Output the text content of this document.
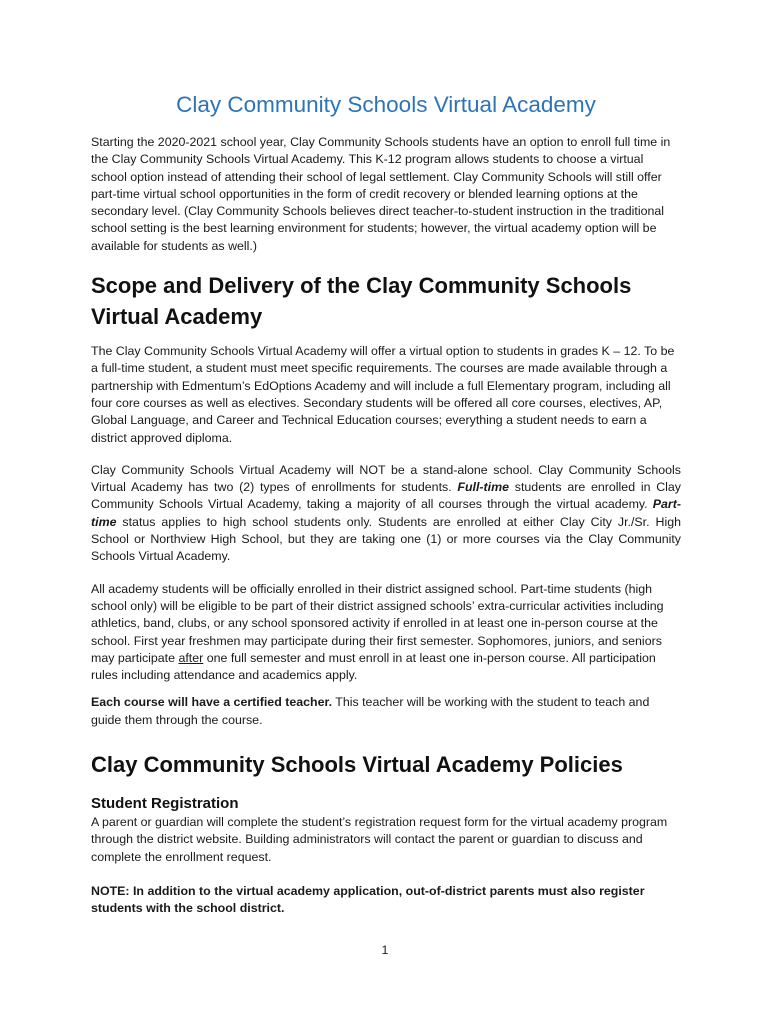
Clay Community Schools Virtual Academy

Starting the 2020-2021 school year, Clay Community Schools students have an option to enroll full time in the Clay Community Schools Virtual Academy. This K-12 program allows students to choose a virtual school option instead of attending their school of legal settlement. Clay Community Schools will still offer part-time virtual school opportunities in the form of credit recovery or blended learning options at the secondary level. (Clay Community Schools believes direct teacher-to-student instruction in the traditional school setting is the best learning environment for students; however, the virtual academy option will be available for students as well.)

Scope and Delivery of the Clay Community Schools Virtual Academy

The Clay Community Schools Virtual Academy will offer a virtual option to students in grades K – 12. To be a full-time student, a student must meet specific requirements. The courses are made available through a partnership with Edmentum’s EdOptions Academy and will include a full Elementary program, including all four core courses as well as electives. Secondary students will be offered all core courses, electives, AP, Global Language, and Career and Technical Education courses; everything a student needs to earn a district approved diploma.

Clay Community Schools Virtual Academy will NOT be a stand-alone school. Clay Community Schools Virtual Academy has two (2) types of enrollments for students. Full-time students are enrolled in Clay Community Schools Virtual Academy, taking a majority of all courses through the virtual academy. Part-time status applies to high school students only. Students are enrolled at either Clay City Jr./Sr. High School or Northview High School, but they are taking one (1) or more courses via the Clay Community Schools Virtual Academy.

All academy students will be officially enrolled in their district assigned school. Part-time students (high school only) will be eligible to be part of their district assigned schools’ extra-curricular activities including athletics, band, clubs, or any school sponsored activity if enrolled in at least one in-person course at the school. First year freshmen may participate during their first semester. Sophomores, juniors, and seniors may participate after one full semester and must enroll in at least one in-person course. All participation rules including attendance and academics apply.

Each course will have a certified teacher. This teacher will be working with the student to teach and guide them through the course.

Clay Community Schools Virtual Academy Policies
Student Registration

A parent or guardian will complete the student’s registration request form for the virtual academy program through the district website. Building administrators will contact the parent or guardian to discuss and complete the enrollment request.

NOTE: In addition to the virtual academy application, out-of-district parents must also register students with the school district.

1
